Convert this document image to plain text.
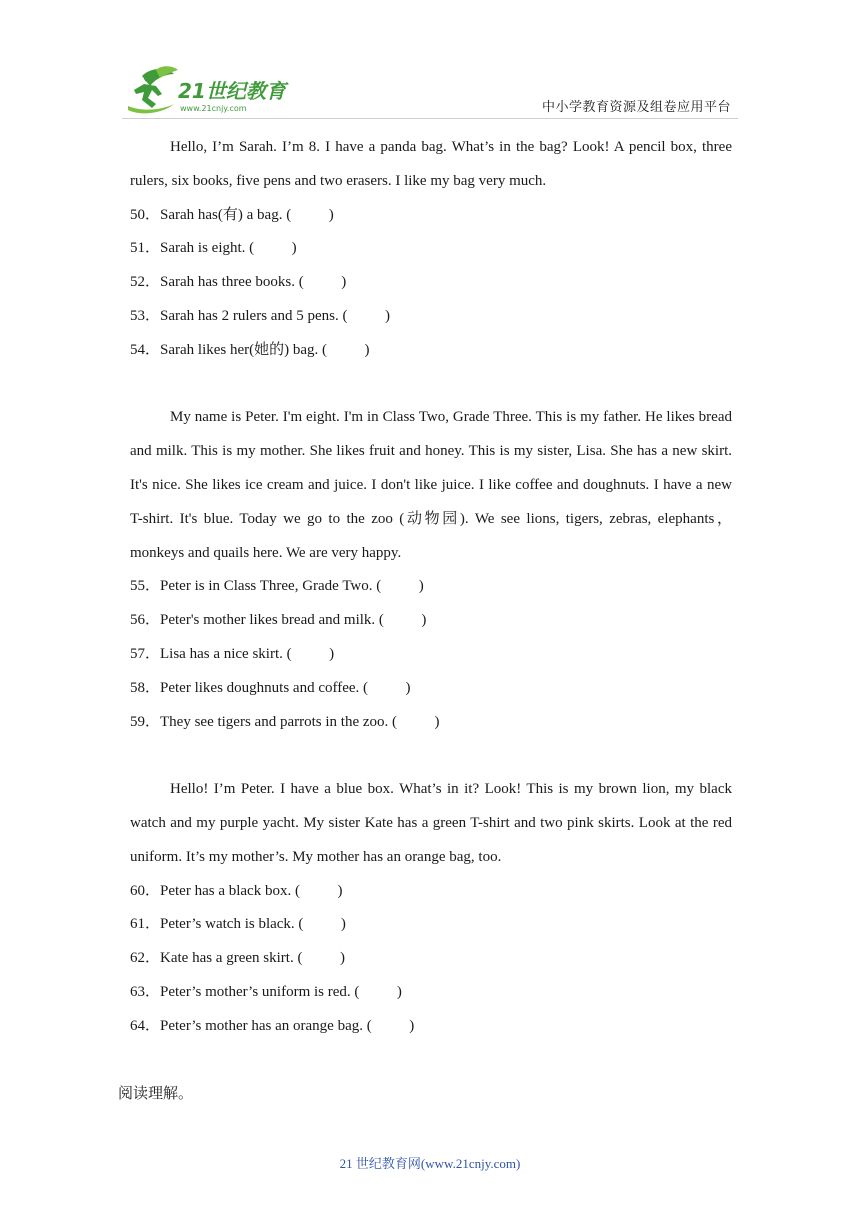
21世纪教育
www.21cnjy.com	中小学教育资源及组卷应用平台

Hello, I’m Sarah. I’m 8. I have a panda bag. What’s in the bag? Look! A pencil box, three rulers, six books, five pens and two erasers. I like my bag very much.

50．Sarah has(有) a bag. (          )
51．Sarah is eight. (          )
52．Sarah has three books. (          )
53．Sarah has 2 rulers and 5 pens. (          )
54．Sarah likes her(她的) bag. (          )

My name is Peter. I'm eight. I'm in Class Two, Grade Three. This is my father. He likes bread and milk. This is my mother. She likes fruit and honey. This is my sister, Lisa. She has a new skirt. It's nice. She likes ice cream and juice. I don't like juice. I like coffee and doughnuts. I have a new T-shirt. It's blue. Today we go to the zoo (动物园). We see lions, tigers, zebras, elephants，monkeys and quails here. We are very happy.

55．Peter is in Class Three, Grade Two. (          )
56．Peter's mother likes bread and milk. (          )
57．Lisa has a nice skirt. (          )
58．Peter likes doughnuts and coffee. (          )
59．They see tigers and parrots in the zoo. (          )

Hello! I’m Peter. I have a blue box. What’s in it? Look! This is my brown lion, my black watch and my purple yacht. My sister Kate has a green T-shirt and two pink skirts. Look at the red uniform. It’s my mother’s. My mother has an orange bag, too.

60．Peter has a black box. (          )
61．Peter’s watch is black. (          )
62．Kate has a green skirt. (          )
63．Peter’s mother’s uniform is red. (          )
64．Peter’s mother has an orange bag. (          )
阅读理解。
21 世纪教育网(www.21cnjy.com)
